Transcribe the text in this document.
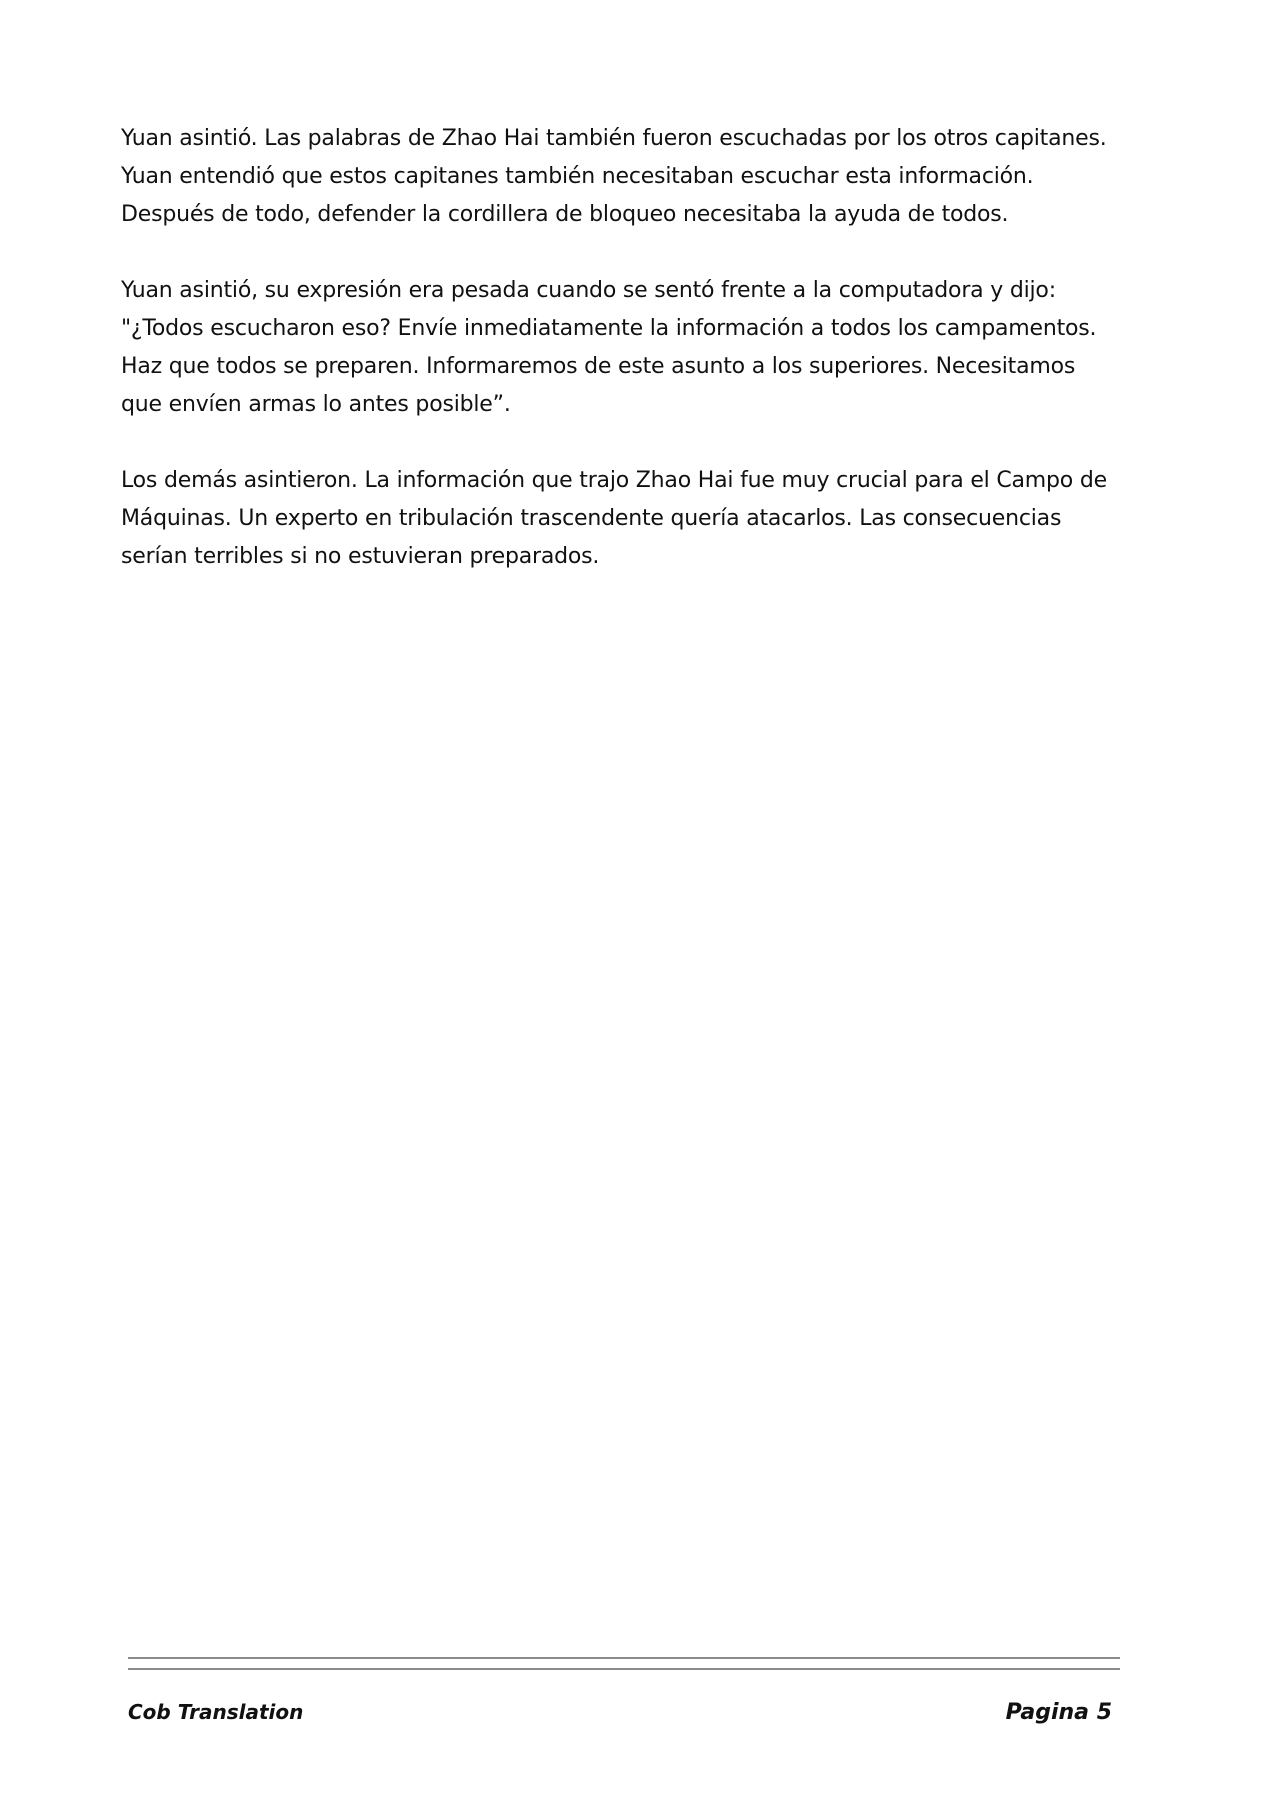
Yuan asintió. Las palabras de Zhao Hai también fueron escuchadas por los otros capitanes.
Yuan entendió que estos capitanes también necesitaban escuchar esta información.
Después de todo, defender la cordillera de bloqueo necesitaba la ayuda de todos.

Yuan asintió, su expresión era pesada cuando se sentó frente a la computadora y dijo:
"¿Todos escucharon eso? Envíe inmediatamente la información a todos los campamentos.
Haz que todos se preparen. Informaremos de este asunto a los superiores. Necesitamos
que envíen armas lo antes posible”.

Los demás asintieron. La información que trajo Zhao Hai fue muy crucial para el Campo de
Máquinas. Un experto en tribulación trascendente quería atacarlos. Las consecuencias
serían terribles si no estuvieran preparados.

Cob Translation	Pagina 5
